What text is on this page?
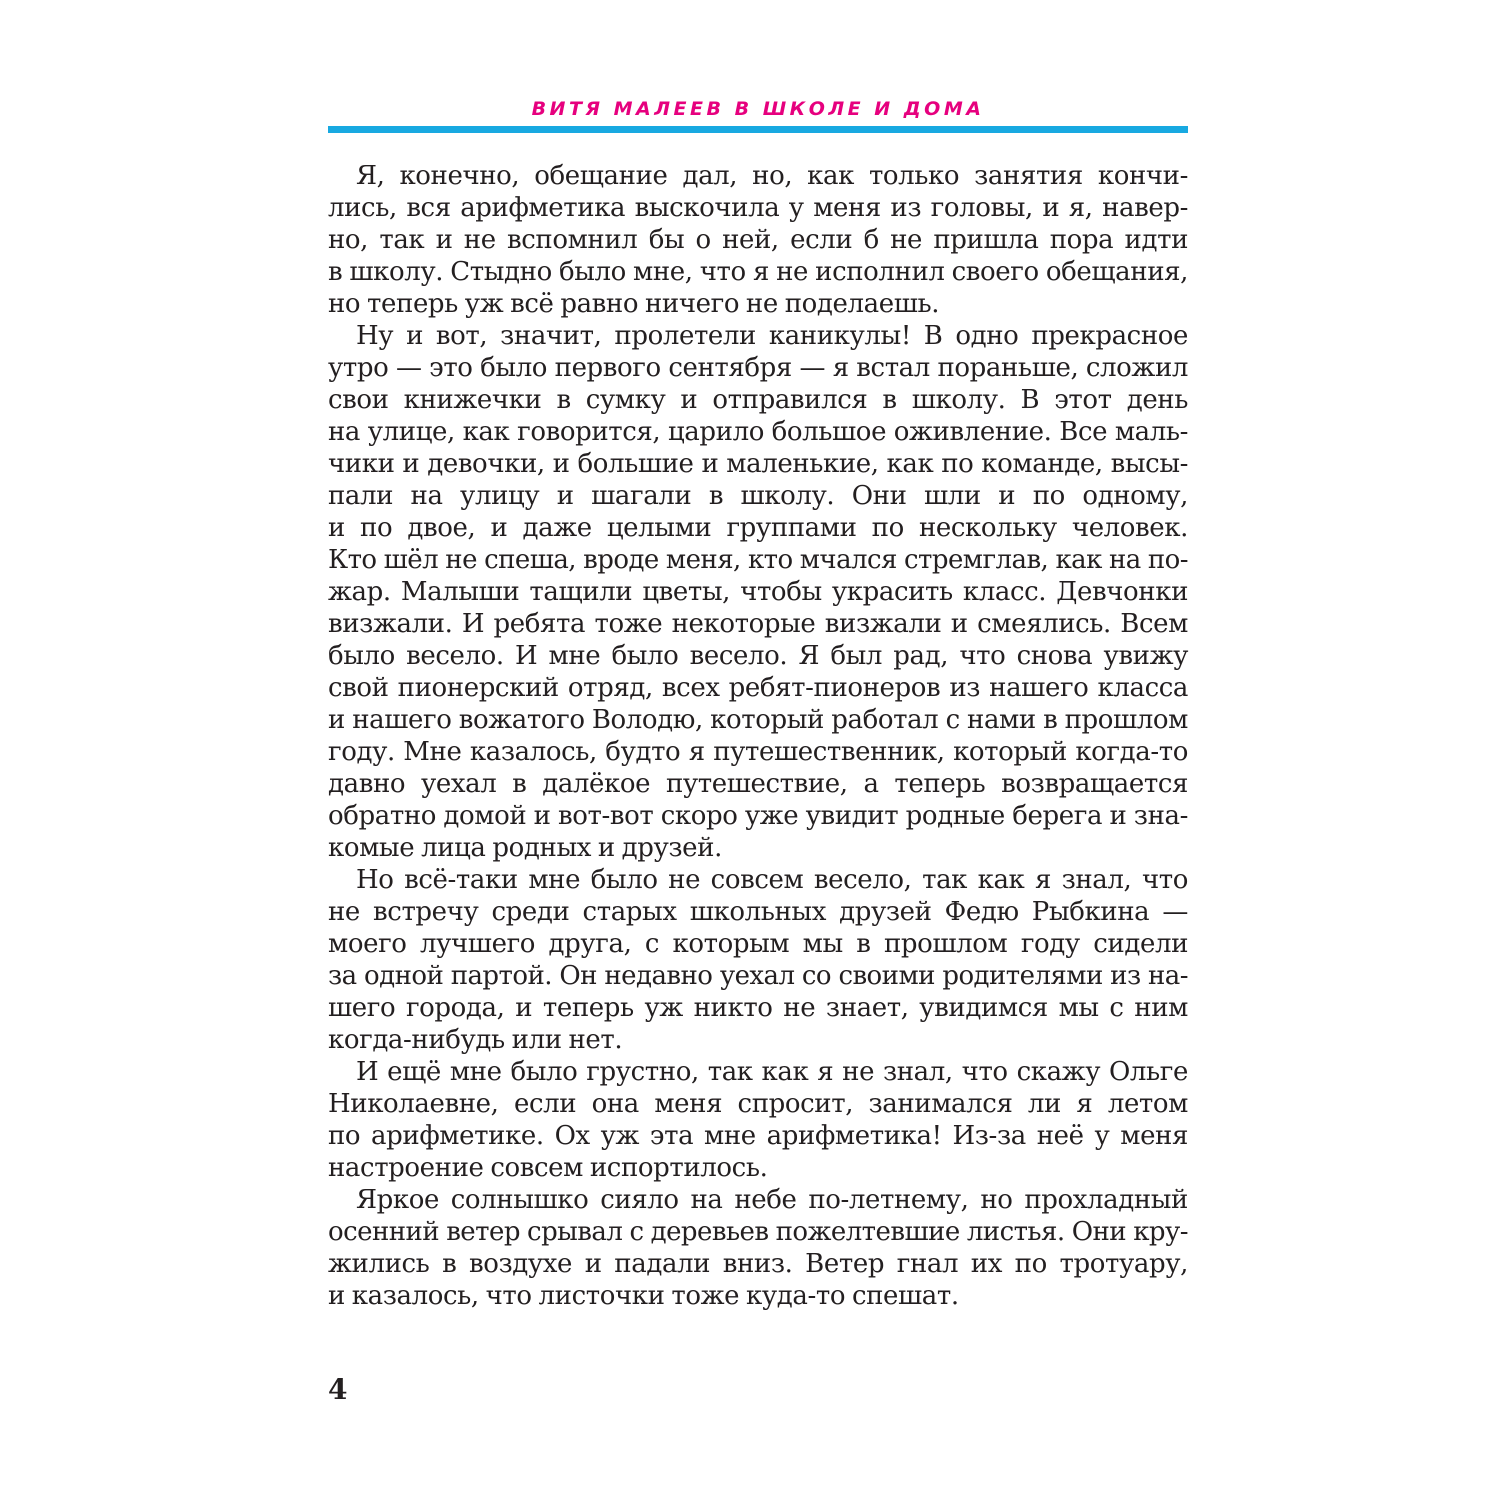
ВИТЯ МАЛЕЕВ В ШКОЛЕ И ДОМА
Я, конечно, обещание дал, но, как только занятия кончи-
лись, вся арифметика выскочила у меня из головы, и я, навер-
но, так и не вспомнил бы о ней, если б не пришла пора идти
в школу. Стыдно было мне, что я не исполнил своего обещания,
но теперь уж всё равно ничего не поделаешь.
Ну и вот, значит, пролетели каникулы! В одно прекрасное
утро — это было первого сентября — я встал пораньше, сложил
свои книжечки в сумку и отправился в школу. В этот день
на улице, как говорится, царило большое оживление. Все маль-
чики и девочки, и большие и маленькие, как по команде, высы-
пали на улицу и шагали в школу. Они шли и по одному,
и по двое, и даже целыми группами по нескольку человек.
Кто шёл не спеша, вроде меня, кто мчался стремглав, как на по-
жар. Малыши тащили цветы, чтобы украсить класс. Девчонки
визжали. И ребята тоже некоторые визжали и смеялись. Всем
было весело. И мне было весело. Я был рад, что снова увижу
свой пионерский отряд, всех ребят-пионеров из нашего класса
и нашего вожатого Володю, который работал с нами в прошлом
году. Мне казалось, будто я путешественник, который когда-то
давно уехал в далёкое путешествие, а теперь возвращается
обратно домой и вот-вот скоро уже увидит родные берега и зна-
комые лица родных и друзей.
Но всё-таки мне было не совсем весело, так как я знал, что
не встречу среди старых школьных друзей Федю Рыбкина —
моего лучшего друга, с которым мы в прошлом году сидели
за одной партой. Он недавно уехал со своими родителями из на-
шего города, и теперь уж никто не знает, увидимся мы с ним
когда-нибудь или нет.
И ещё мне было грустно, так как я не знал, что скажу Ольге
Николаевне, если она меня спросит, занимался ли я летом
по арифметике. Ох уж эта мне арифметика! Из-за неё у меня
настроение совсем испортилось.
Яркое солнышко сияло на небе по-летнему, но прохладный
осенний ветер срывал с деревьев пожелтевшие листья. Они кру-
жились в воздухе и падали вниз. Ветер гнал их по тротуару,
и казалось, что листочки тоже куда-то спешат.
4
